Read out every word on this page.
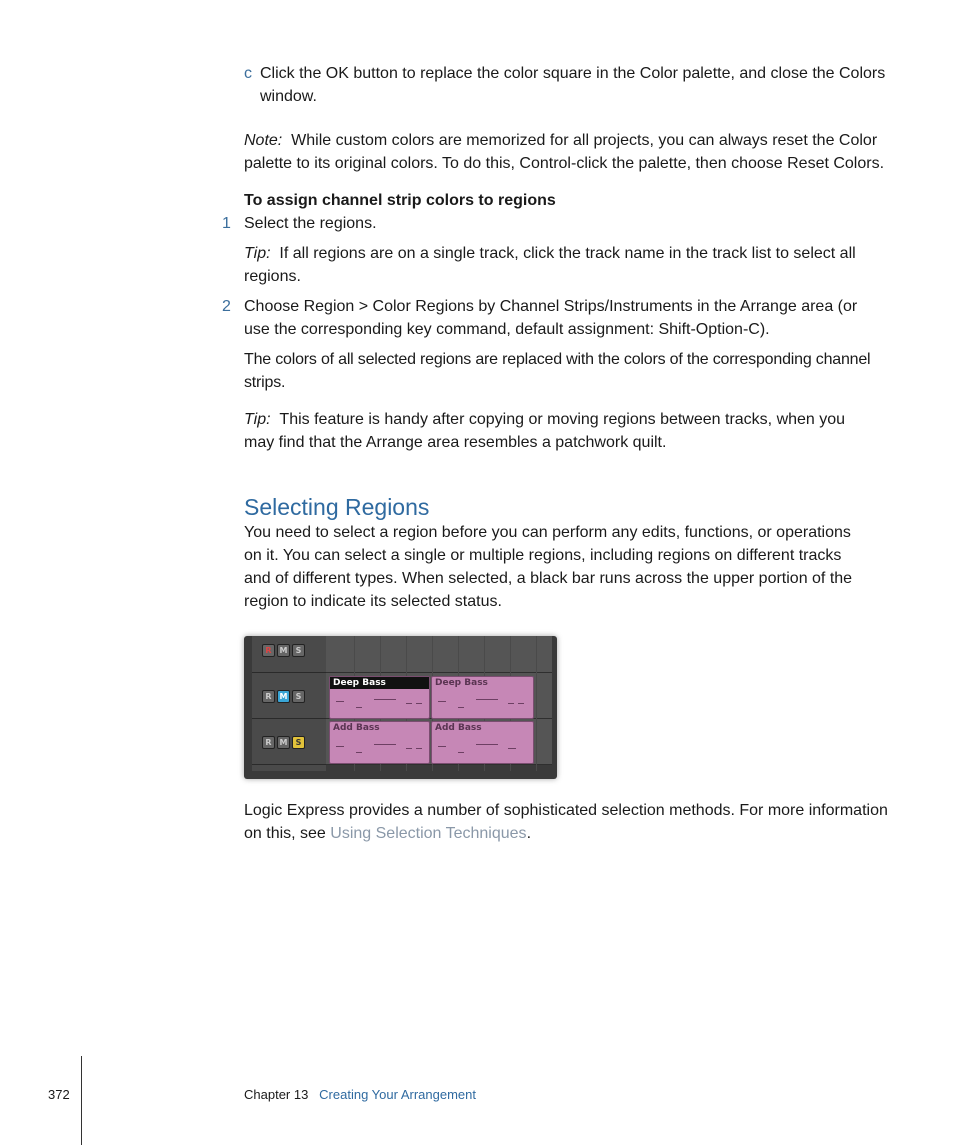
c Click the OK button to replace the color square in the Color palette, and close the Colors
window.
Note: While custom colors are memorized for all projects, you can always reset the Color
palette to its original colors. To do this, Control-click the palette, then choose Reset Colors.
To assign channel strip colors to regions
1 Select the regions.
Tip: If all regions are on a single track, click the track name in the track list to select all
regions.
2 Choose Region > Color Regions by Channel Strips/Instruments in the Arrange area (or
use the corresponding key command, default assignment: Shift-Option-C).
The colors of all selected regions are replaced with the colors of the corresponding channel
strips.
Tip: This feature is handy after copying or moving regions between tracks, when you
may find that the Arrange area resembles a patchwork quilt.
Selecting Regions
You need to select a region before you can perform any edits, functions, or operations
on it. You can select a single or multiple regions, including regions on different tracks
and of different types. When selected, a black bar runs across the upper portion of the
region to indicate its selected status.
R M	S
R M	S
R M	S
Deep Bass	Deep Bass
Add Bass	Add Bass
Logic Express provides a number of sophisticated selection methods. For more information
on this, see Using Selection Techniques.
372	Chapter 13 Creating Your Arrangement
